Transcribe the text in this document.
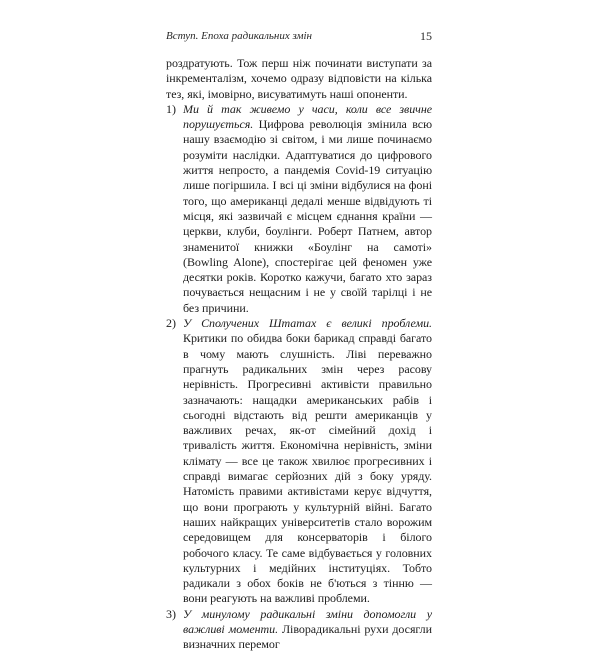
Вступ. Епоха радикальних змін	15

роздратують. Тож перш ніж починати виступати за інкременталізм, хочемо одразу відповісти на кілька тез, які, імовірно, висуватимуть наші опоненти.

1) Ми й так живемо у часи, коли все звичне порушується. Цифрова революція змінила всю нашу взаємодію зі світом, і ми лише починаємо розуміти наслідки. Адаптуватися до цифрового життя непросто, а пандемія Covid-19 ситуацію лише погіршила. І всі ці зміни відбулися на фоні того, що американці дедалі менше відвідують ті місця, які зазвичай є місцем єднання країни — церкви, клуби, боулінги. Роберт Патнем, автор знаменитої книжки «Боулінг на самоті» (Bowling Alone), спостерігає цей феномен уже десятки років. Коротко кажучи, багато хто зараз почувається нещасним і не у своїй тарілці і не без причини.

2) У Сполучених Штатах є великі проблеми. Критики по обидва боки барикад справді багато в чому мають слушність. Ліві переважно прагнуть радикальних змін через расову нерівність. Прогресивні активісти правильно зазначають: нащадки американських рабів і сьогодні відстають від решти американців у важливих речах, як-от сімейний дохід і тривалість життя. Економічна нерівність, зміни клімату — все це також хвилює прогресивних і справді вимагає серйозних дій з боку уряду. Натомість правими активістами керує відчуття, що вони програють у культурній війні. Багато наших найкращих університетів стало ворожим середовищем для консерваторів і білого робочого класу. Те саме відбувається у головних культурних і медійних інституціях. Тобто радикали з обох боків не б'ються з тінню — вони реагують на важливі проблеми.

3) У минулому радикальні зміни допомогли у важливі моменти. Ліворадикальні рухи досягли визначних перемог
